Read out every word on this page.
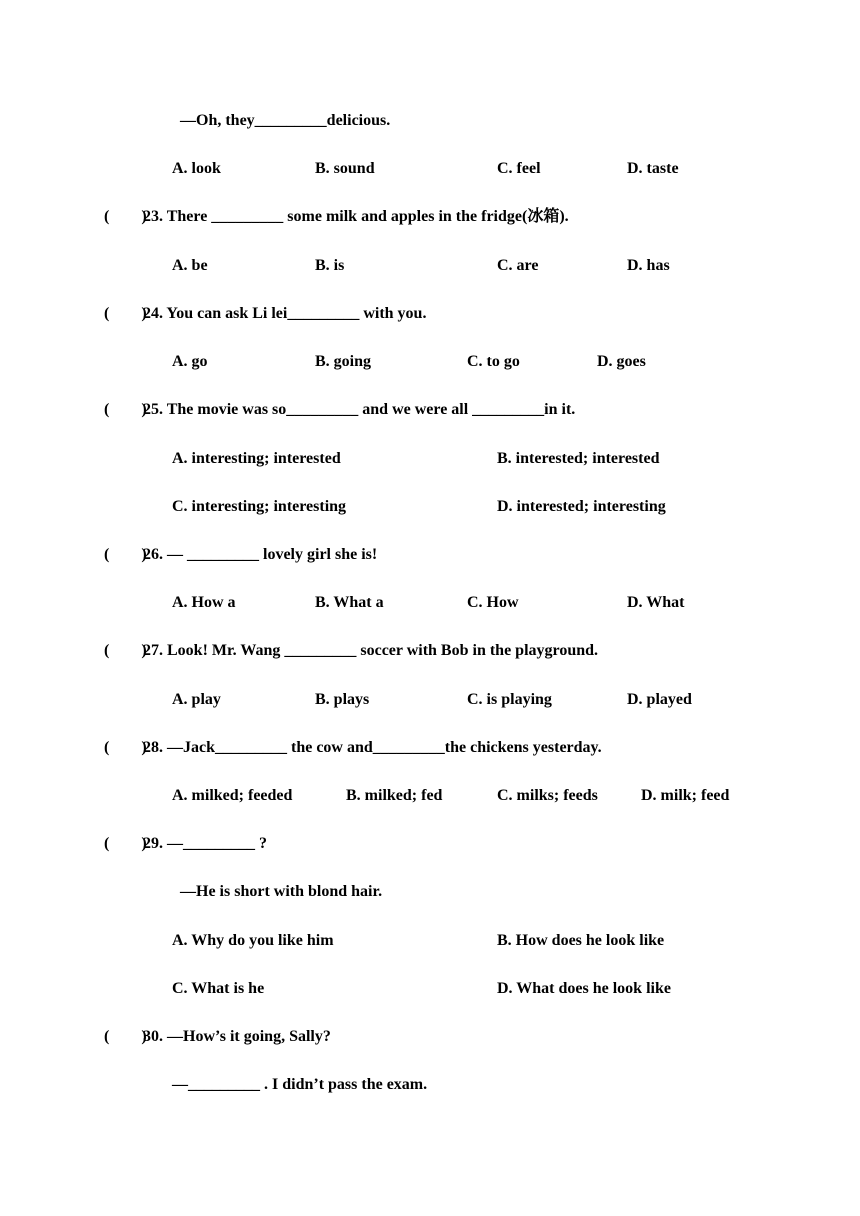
—Oh, they_________delicious.
A. look	B. sound	C. feel	D. taste
(        )
23. There _________ some milk and apples in the fridge(冰箱).
A. be	B. is	C. are	D. has
(        )
24. You can ask Li lei_________ with you.
A. go	B. going	C. to go	D. goes
(        )
25. The movie was so_________ and we were all _________in it.
A. interesting; interested	B. interested; interested
C. interesting; interesting	D. interested; interesting
(        )
26. — _________ lovely girl she is!
A. How a	B. What a	C. How	D. What
(        )
27. Look! Mr. Wang _________ soccer with Bob in the playground.
A. play	B. plays	C. is playing	D. played
(        )
28. —Jack_________ the cow and_________the chickens yesterday.
A. milked; feeded	B. milked; fed	C. milks; feeds	D. milk; feed
(        )
29. —_________ ?
—He is short with blond hair.
A. Why do you like him	B. How does he look like
C. What is he	D. What does he look like
(        )
30. —How’s it going, Sally?
—_________ . I didn’t pass the exam.
